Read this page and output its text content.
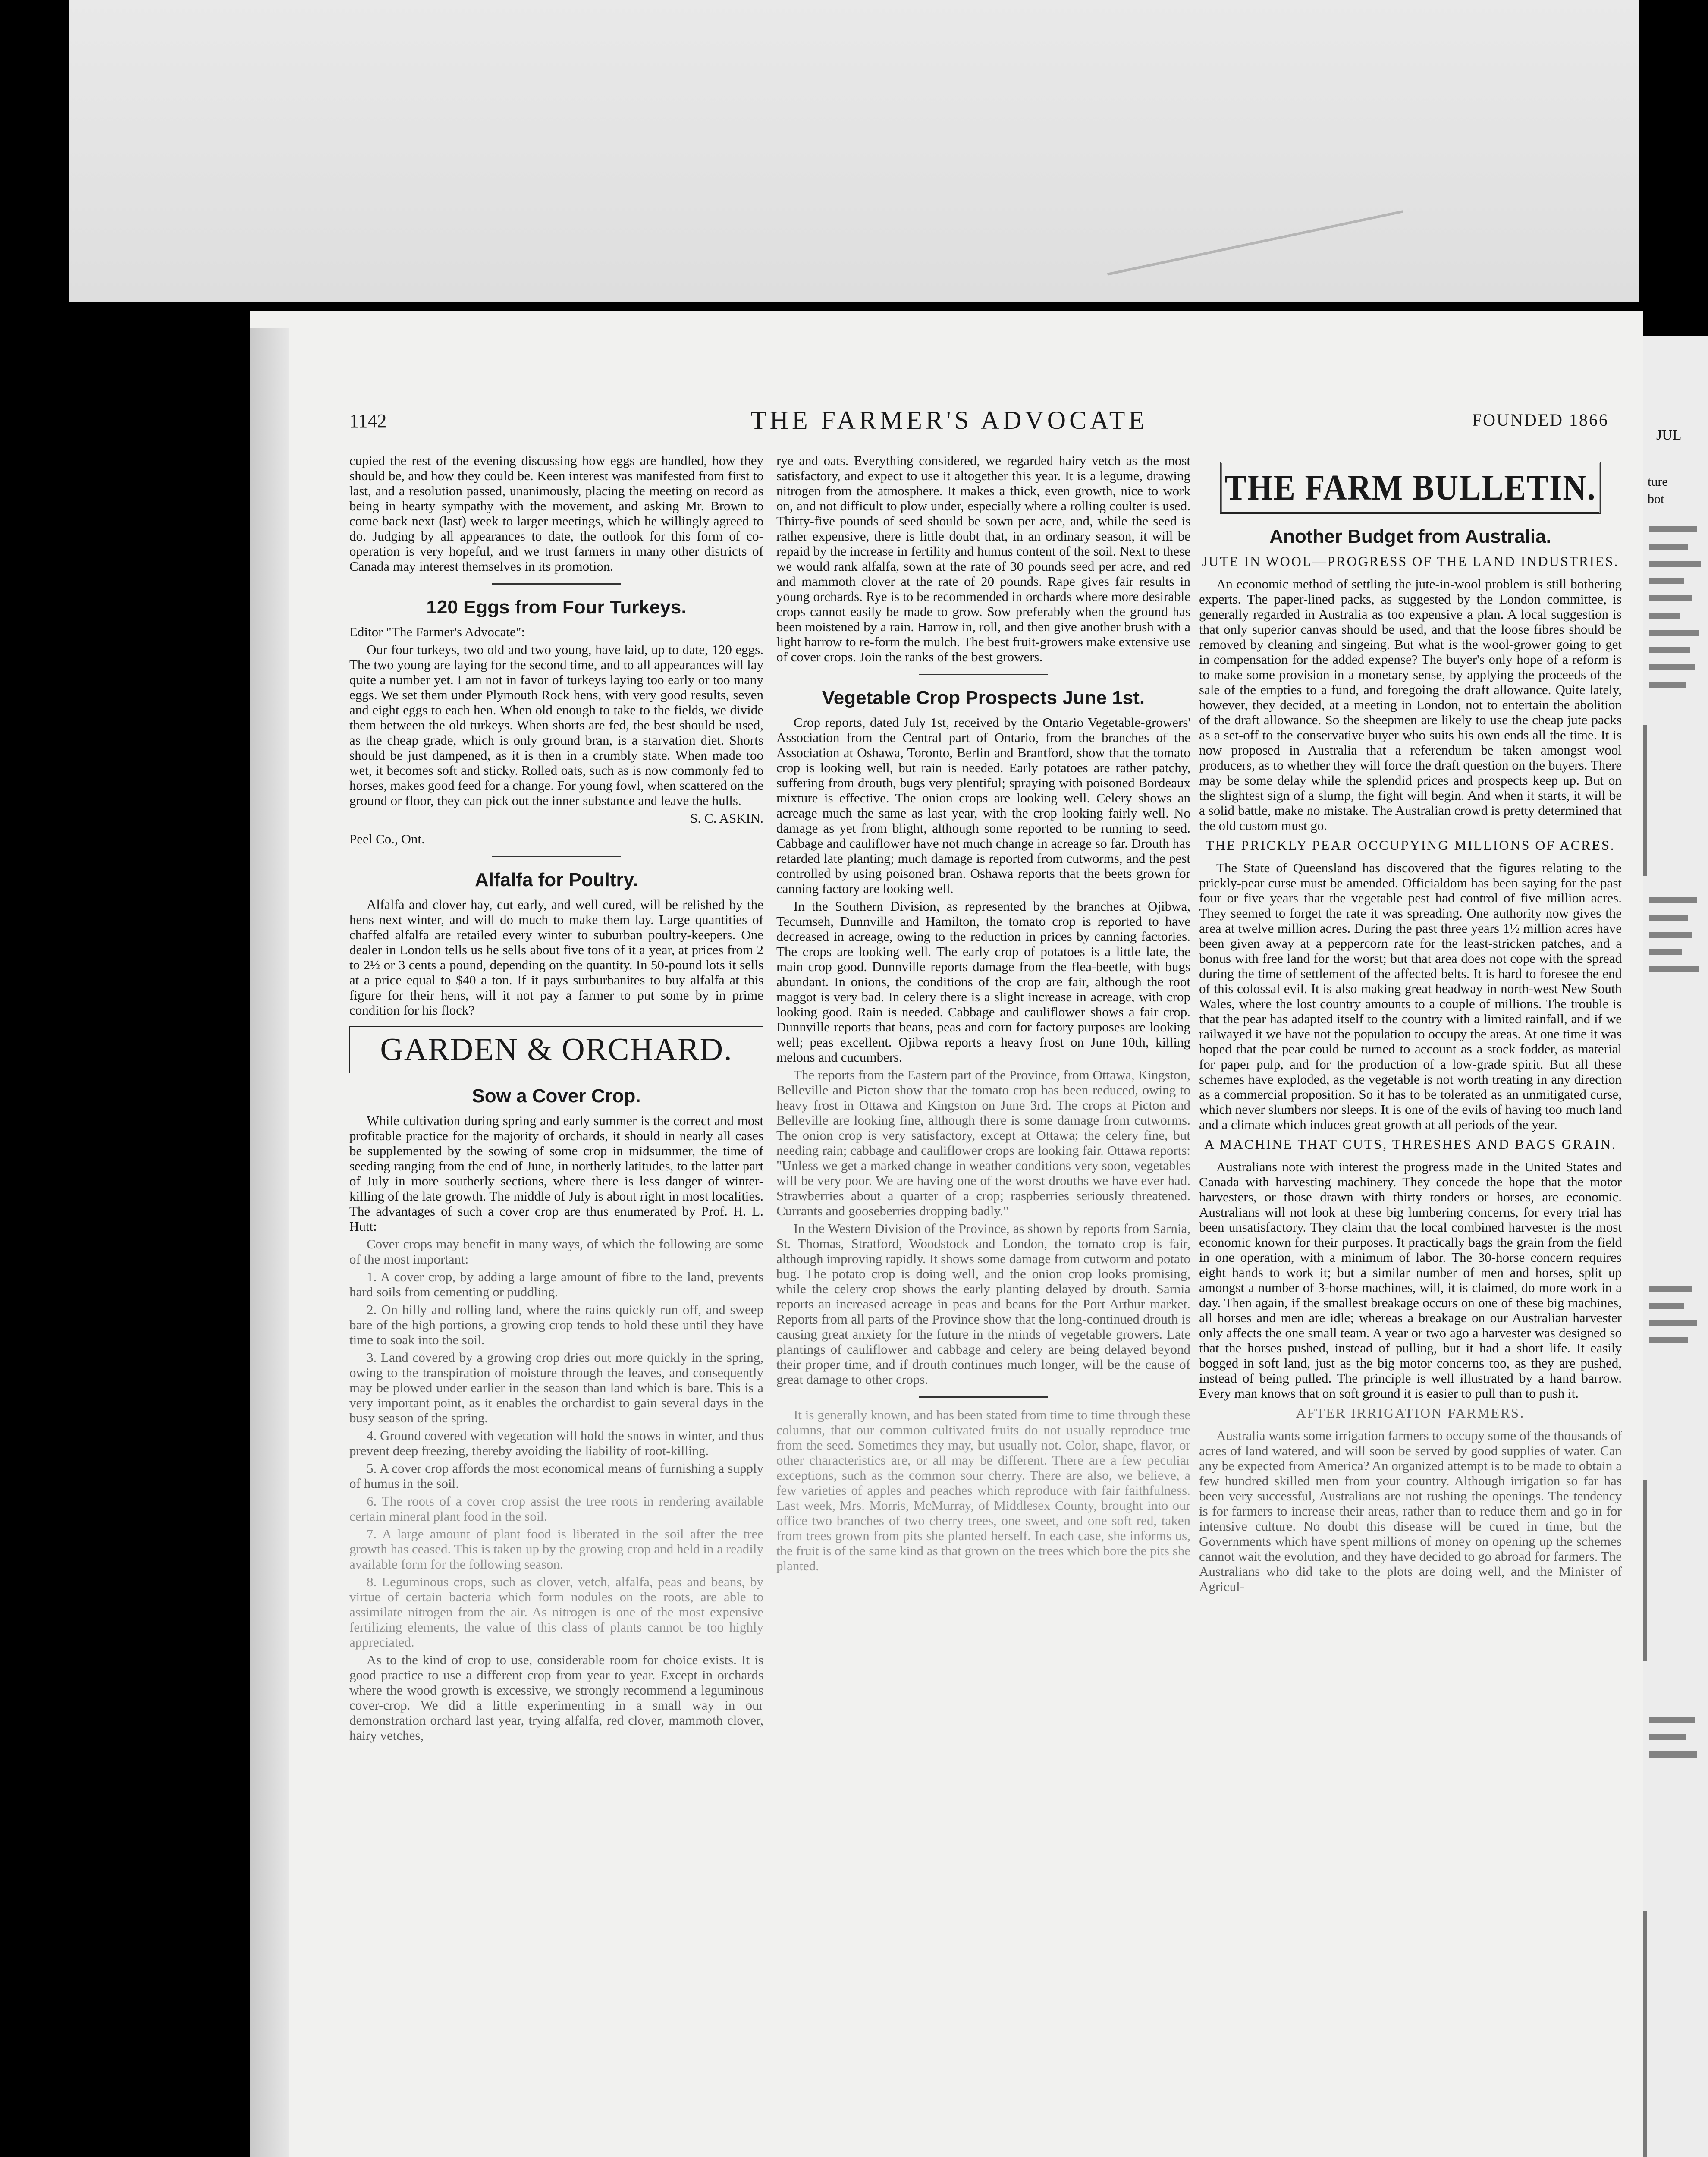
JUL
ture
bot
1142	THE FARMER'S ADVOCATE	FOUNDED 1866

cupied the rest of the evening discussing how eggs are handled, how they should be, and how they could be. Keen interest was manifested from first to last, and a resolution passed, unanimously, placing the meeting on record as being in hearty sympathy with the movement, and asking Mr. Brown to come back next (last) week to larger meetings, which he willingly agreed to do. Judging by all appearances to date, the outlook for this form of co-operation is very hopeful, and we trust farmers in many other districts of Canada may interest themselves in its promotion.

120 Eggs from Four Turkeys.

Editor "The Farmer's Advocate":

Our four turkeys, two old and two young, have laid, up to date, 120 eggs. The two young are laying for the second time, and to all appearances will lay quite a number yet. I am not in favor of turkeys laying too early or too many eggs. We set them under Plymouth Rock hens, with very good results, seven and eight eggs to each hen. When old enough to take to the fields, we divide them between the old turkeys. When shorts are fed, the best should be used, as the cheap grade, which is only ground bran, is a starvation diet. Shorts should be just dampened, as it is then in a crumbly state. When made too wet, it becomes soft and sticky. Rolled oats, such as is now commonly fed to horses, makes good feed for a change. For young fowl, when scattered on the ground or floor, they can pick out the inner substance and leave the hulls.

S. C. ASKIN.

Peel Co., Ont.

Alfalfa for Poultry.

Alfalfa and clover hay, cut early, and well cured, will be relished by the hens next winter, and will do much to make them lay. Large quantities of chaffed alfalfa are retailed every winter to suburban poultry-keepers. One dealer in London tells us he sells about five tons of it a year, at prices from 2 to 2½ or 3 cents a pound, depending on the quantity. In 50-pound lots it sells at a price equal to $40 a ton. If it pays surburbanites to buy alfalfa at this figure for their hens, will it not pay a farmer to put some by in prime condition for his flock?

GARDEN & ORCHARD.
Sow a Cover Crop.

While cultivation during spring and early summer is the correct and most profitable practice for the majority of orchards, it should in nearly all cases be supplemented by the sowing of some crop in midsummer, the time of seeding ranging from the end of June, in northerly latitudes, to the latter part of July in more southerly sections, where there is less danger of winter-killing of the late growth. The middle of July is about right in most localities. The advantages of such a cover crop are thus enumerated by Prof. H. L. Hutt:

Cover crops may benefit in many ways, of which the following are some of the most important:

1. A cover crop, by adding a large amount of fibre to the land, prevents hard soils from cementing or puddling.

2. On hilly and rolling land, where the rains quickly run off, and sweep bare of the high portions, a growing crop tends to hold these until they have time to soak into the soil.

3. Land covered by a growing crop dries out more quickly in the spring, owing to the transpiration of moisture through the leaves, and consequently may be plowed under earlier in the season than land which is bare. This is a very important point, as it enables the orchardist to gain several days in the busy season of the spring.

4. Ground covered with vegetation will hold the snows in winter, and thus prevent deep freezing, thereby avoiding the liability of root-killing.

5. A cover crop affords the most economical means of furnishing a supply of humus in the soil.

6. The roots of a cover crop assist the tree roots in rendering available certain mineral plant food in the soil.

7. A large amount of plant food is liberated in the soil after the tree growth has ceased. This is taken up by the growing crop and held in a readily available form for the following season.

8. Leguminous crops, such as clover, vetch, alfalfa, peas and beans, by virtue of certain bacteria which form nodules on the roots, are able to assimilate nitrogen from the air. As nitrogen is one of the most expensive fertilizing elements, the value of this class of plants cannot be too highly appreciated.

As to the kind of crop to use, considerable room for choice exists. It is good practice to use a different crop from year to year. Except in orchards where the wood growth is excessive, we strongly recommend a leguminous cover-crop. We did a little experimenting in a small way in our demonstration orchard last year, trying alfalfa, red clover, mammoth clover, hairy vetches,

rye and oats. Everything considered, we regarded hairy vetch as the most satisfactory, and expect to use it altogether this year. It is a legume, drawing nitrogen from the atmosphere. It makes a thick, even growth, nice to work on, and not difficult to plow under, especially where a rolling coulter is used. Thirty-five pounds of seed should be sown per acre, and, while the seed is rather expensive, there is little doubt that, in an ordinary season, it will be repaid by the increase in fertility and humus content of the soil. Next to these we would rank alfalfa, sown at the rate of 30 pounds seed per acre, and red and mammoth clover at the rate of 20 pounds. Rape gives fair results in young orchards. Rye is to be recommended in orchards where more desirable crops cannot easily be made to grow. Sow preferably when the ground has been moistened by a rain. Harrow in, roll, and then give another brush with a light harrow to re-form the mulch. The best fruit-growers make extensive use of cover crops. Join the ranks of the best growers.

Vegetable Crop Prospects June 1st.

Crop reports, dated July 1st, received by the Ontario Vegetable-growers' Association from the Central part of Ontario, from the branches of the Association at Oshawa, Toronto, Berlin and Brantford, show that the tomato crop is looking well, but rain is needed. Early potatoes are rather patchy, suffering from drouth, bugs very plentiful; spraying with poisoned Bordeaux mixture is effective. The onion crops are looking well. Celery shows an acreage much the same as last year, with the crop looking fairly well. No damage as yet from blight, although some reported to be running to seed. Cabbage and cauliflower have not much change in acreage so far. Drouth has retarded late planting; much damage is reported from cutworms, and the pest controlled by using poisoned bran. Oshawa reports that the beets grown for canning factory are looking well.

In the Southern Division, as represented by the branches at Ojibwa, Tecumseh, Dunnville and Hamilton, the tomato crop is reported to have decreased in acreage, owing to the reduction in prices by canning factories. The crops are looking well. The early crop of potatoes is a little late, the main crop good. Dunnville reports damage from the flea-beetle, with bugs abundant. In onions, the conditions of the crop are fair, although the root maggot is very bad. In celery there is a slight increase in acreage, with crop looking good. Rain is needed. Cabbage and cauliflower shows a fair crop. Dunnville reports that beans, peas and corn for factory purposes are looking well; peas excellent. Ojibwa reports a heavy frost on June 10th, killing melons and cucumbers.

The reports from the Eastern part of the Province, from Ottawa, Kingston, Belleville and Picton show that the tomato crop has been reduced, owing to heavy frost in Ottawa and Kingston on June 3rd. The crops at Picton and Belleville are looking fine, although there is some damage from cutworms. The onion crop is very satisfactory, except at Ottawa; the celery fine, but needing rain; cabbage and cauliflower crops are looking fair. Ottawa reports: "Unless we get a marked change in weather conditions very soon, vegetables will be very poor. We are having one of the worst drouths we have ever had. Strawberries about a quarter of a crop; raspberries seriously threatened. Currants and gooseberries dropping badly."

In the Western Division of the Province, as shown by reports from Sarnia, St. Thomas, Stratford, Woodstock and London, the tomato crop is fair, although improving rapidly. It shows some damage from cutworm and potato bug. The potato crop is doing well, and the onion crop looks promising, while the celery crop shows the early planting delayed by drouth. Sarnia reports an increased acreage in peas and beans for the Port Arthur market. Reports from all parts of the Province show that the long-continued drouth is causing great anxiety for the future in the minds of vegetable growers. Late plantings of cauliflower and cabbage and celery are being delayed beyond their proper time, and if drouth continues much longer, will be the cause of great damage to other crops.

It is generally known, and has been stated from time to time through these columns, that our common cultivated fruits do not usually reproduce true from the seed. Sometimes they may, but usually not. Color, shape, flavor, or other characteristics are, or all may be different. There are a few peculiar exceptions, such as the common sour cherry. There are also, we believe, a few varieties of apples and peaches which reproduce with fair faithfulness. Last week, Mrs. Morris, McMurray, of Middlesex County, brought into our office two branches of two cherry trees, one sweet, and one soft red, taken from trees grown from pits she planted herself. In each case, she informs us, the fruit is of the same kind as that grown on the trees which bore the pits she planted.

THE FARM BULLETIN.
Another Budget from Australia.
JUTE IN WOOL—PROGRESS OF THE LAND INDUSTRIES.

An economic method of settling the jute-in-wool problem is still bothering experts. The paper-lined packs, as suggested by the London committee, is generally regarded in Australia as too expensive a plan. A local suggestion is that only superior canvas should be used, and that the loose fibres should be removed by cleaning and singeing. But what is the wool-grower going to get in compensation for the added expense? The buyer's only hope of a reform is to make some provision in a monetary sense, by applying the proceeds of the sale of the empties to a fund, and foregoing the draft allowance. Quite lately, however, they decided, at a meeting in London, not to entertain the abolition of the draft allowance. So the sheepmen are likely to use the cheap jute packs as a set-off to the conservative buyer who suits his own ends all the time. It is now proposed in Australia that a referendum be taken amongst wool producers, as to whether they will force the draft question on the buyers. There may be some delay while the splendid prices and prospects keep up. But on the slightest sign of a slump, the fight will begin. And when it starts, it will be a solid battle, make no mistake. The Australian crowd is pretty determined that the old custom must go.

THE PRICKLY PEAR OCCUPYING MILLIONS OF ACRES.

The State of Queensland has discovered that the figures relating to the prickly-pear curse must be amended. Officialdom has been saying for the past four or five years that the vegetable pest had control of five million acres. They seemed to forget the rate it was spreading. One authority now gives the area at twelve million acres. During the past three years 1½ million acres have been given away at a peppercorn rate for the least-stricken patches, and a bonus with free land for the worst; but that area does not cope with the spread during the time of settlement of the affected belts. It is hard to foresee the end of this colossal evil. It is also making great headway in north-west New South Wales, where the lost country amounts to a couple of millions. The trouble is that the pear has adapted itself to the country with a limited rainfall, and if we railwayed it we have not the population to occupy the areas. At one time it was hoped that the pear could be turned to account as a stock fodder, as material for paper pulp, and for the production of a low-grade spirit. But all these schemes have exploded, as the vegetable is not worth treating in any direction as a commercial proposition. So it has to be tolerated as an unmitigated curse, which never slumbers nor sleeps. It is one of the evils of having too much land and a climate which induces great growth at all periods of the year.

A MACHINE THAT CUTS, THRESHES AND BAGS GRAIN.

Australians note with interest the progress made in the United States and Canada with harvesting machinery. They concede the hope that the motor harvesters, or those drawn with thirty tonders or horses, are economic. Australians will not look at these big lumbering concerns, for every trial has been unsatisfactory. They claim that the local combined harvester is the most economic known for their purposes. It practically bags the grain from the field in one operation, with a minimum of labor. The 30-horse concern requires eight hands to work it; but a similar number of men and horses, split up amongst a number of 3-horse machines, will, it is claimed, do more work in a day. Then again, if the smallest breakage occurs on one of these big machines, all horses and men are idle; whereas a breakage on our Australian harvester only affects the one small team. A year or two ago a harvester was designed so that the horses pushed, instead of pulling, but it had a short life. It easily bogged in soft land, just as the big motor concerns too, as they are pushed, instead of being pulled. The principle is well illustrated by a hand barrow. Every man knows that on soft ground it is easier to pull than to push it.

AFTER IRRIGATION FARMERS.

Australia wants some irrigation farmers to occupy some of the thousands of acres of land watered, and will soon be served by good supplies of water. Can any be expected from America? An organized attempt is to be made to obtain a few hundred skilled men from your country. Although irrigation so far has been very successful, Australians are not rushing the openings. The tendency is for farmers to increase their areas, rather than to reduce them and go in for intensive culture. No doubt this disease will be cured in time, but the Governments which have spent millions of money on opening up the schemes cannot wait the evolution, and they have decided to go abroad for farmers. The Australians who did take to the plots are doing well, and the Minister of Agricul-
